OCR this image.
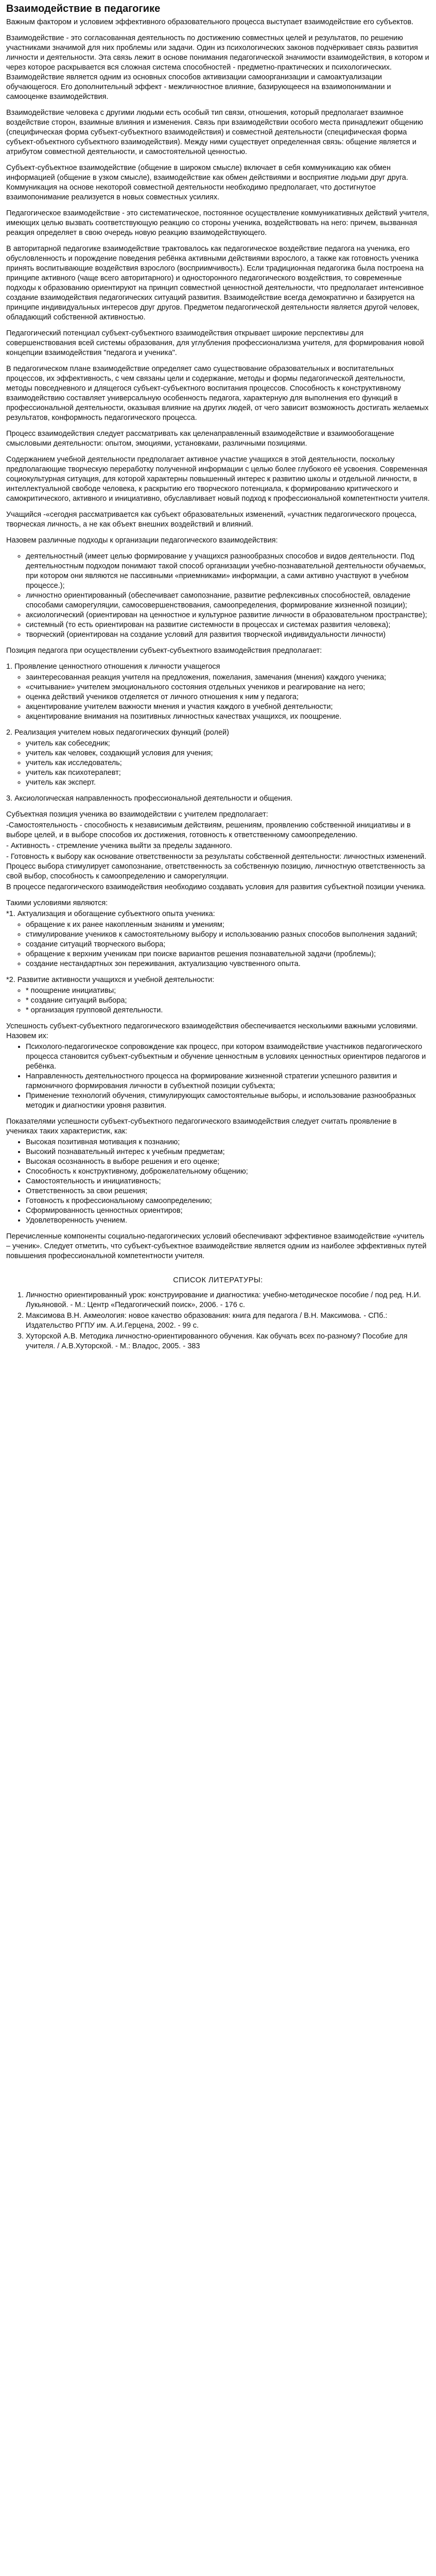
Взаимодействие в педагогике

Важным фактором и условием эффективного образовательного процесса выступает взаимодействие его субъектов.

Взаимодействие - это согласованная деятельность по достижению совместных целей и результатов, по решению участниками значимой для них проблемы или задачи. Один из психологических законов подчёркивает связь развития личности и деятельности. Эта связь лежит в основе понимания педагогической значимости взаимодействия, в котором и через которое раскрывается вся сложная система способностей - предметно-практических и психологических. Взаимодействие является одним из основных способов активизации самоорганизации и самоактуализации обучающегося. Его дополнительный эффект - межличностное влияние, базирующееся на взаимопонимании и самооценке взаимодействия.

Взаимодействие человека с другими людьми есть особый тип связи, отношения, который предполагает взаимное воздействие сторон, взаимные влияния и изменения. Связь при взаимодействии особого места принадлежит общению (специфическая форма субъект-субъектного взаимодействия) и совместной деятельности (специфическая форма субъект-объектного субъектного взаимодействия). Между ними существует определенная связь: общение является и атрибутом совместной деятельности, и самостоятельной ценностью.

Субъект-субъектное взаимодействие (общение в широком смысле) включает в себя коммуникацию как обмен информацией (общение в узком смысле), взаимодействие как обмен действиями и восприятие людьми друг друга. Коммуникация на основе некоторой совместной деятельности необходимо предполагает, что достигнутое взаимопонимание реализуется в новых совместных усилиях.

Педагогическое взаимодействие - это систематическое, постоянное осуществление коммуникативных действий учителя, имеющих целью вызвать соответствующую реакцию со стороны ученика, воздействовать на него: причем, вызванная реакция определяет в свою очередь новую реакцию взаимодействующего.

В авторитарной педагогике взаимодействие трактовалось как педагогическое воздействие педагога на ученика, его обусловленность и порождение поведения ребёнка активными действиями взрослого, а также как готовность ученика принять воспитывающие воздействия взрослого (восприимчивость). Если традиционная педагогика была построена на принципе активного (чаще всего авторитарного) и односторонного педагогического воздействия, то современные подходы к образованию ориентируют на принцип совместной ценностной деятельности, что предполагает интенсивное создание взаимодействия педагогических ситуаций развития. Взаимодействие всегда демократично и базируется на принципе индивидуальных интересов друг другов. Предметом педагогической деятельности является другой человек, обладающий собственной активностью.

Педагогический потенциал субъект-субъектного взаимодействия открывает широкие перспективы для совершенствования всей системы образования, для углубления профессионализма учителя, для формирования новой концепции взаимодействия "педагога и ученика".

В педагогическом плане взаимодействие определяет само существование образовательных и воспитательных процессов, их эффективность, с чем связаны цели и содержание, методы и формы педагогической деятельности, методы повседневного и длящегося субъект-субъектного воспитания процессов. Способность к конструктивному взаимодействию составляет универсальную особенность педагога, характерную для выполнения его функций в профессиональной деятельности, оказывая влияние на других людей, от чего зависит возможность достигать желаемых результатов, конформность педагогического процесса.

Процесс взаимодействия следует рассматривать как целенаправленный взаимодействие и взаимообогащение смысловыми деятельности: опытом, эмоциями, установками, различными позициями.

Содержанием учебной деятельности предполагает активное участие учащихся в этой деятельности, поскольку предполагающие творческую переработку полученной информации с целью более глубокого её усвоения. Современная социокультурная ситуация, для которой характерны повышенный интерес к развитию школы и отдельной личности, в интеллектуальной свободе человека, к раскрытию его творческого потенциала, к формированию критического и самокритического, активного и инициативно, обуславливает новый подход к профессиональной компетентности учителя.

Учащийся -«сегодня рассматривается как субъект образовательных изменений, «участник педагогического процесса, творческая личность, а не как объект внешних воздействий и влияний.

Назовем различные подходы к организации педагогического взаимодействия:

◦ деятельностный (имеет целью формирование у учащихся разнообразных способов и видов деятельности. Под деятельностным подходом понимают такой способ организации учебно-познавательной деятельности обучаемых, при котором они являются не пассивными «приемниками» информации, а сами активно участвуют в учебном процессе.);
◦ личностно ориентированный (обеспечивает самопознание, развитие рефлексивных способностей, овладение способами саморегуляции, самосовершенствования, самоопределения, формирование жизненной позиции);
◦ аксиологический (ориентирован на ценностное и культурное развитие личности в образовательном пространстве);
◦ системный (то есть ориентирован на развитие системности в процессах и системах развития человека);
◦ творческий (ориентирован на создание условий для развития творческой индивидуальности личности)

Позиция педагога при осуществлении субъект-субъектного взаимодействия предполагает:

1. Проявление ценностного отношения к личности учащегося

◦ заинтересованная реакция учителя на предложения, пожелания, замечания (мнения) каждого ученика;
◦ «считывание» учителем эмоционального состояния отдельных учеников и реагирование на него;
◦ оценка действий учеников отделяется от личного отношения к ним у педагога;
◦ акцентирование учителем важности мнения и участия каждого в учебной деятельности;
◦ акцентирование внимания на позитивных личностных качествах учащихся, их поощрение.

2. Реализация учителем новых педагогических функций (ролей)

◦ учитель как собеседник;
◦ учитель как человек, создающий условия для учения;
◦ учитель как исследователь;
◦ учитель как психотерапевт;
◦ учитель как эксперт.

3. Аксиологическая направленность профессиональной деятельности и общения.

Субъектная позиция ученика во взаимодействии с учителем предполагает:

-Самостоятельность - способность к независимым действиям, решениям, проявлению собственной инициативы и в выборе целей, и в выборе способов их достижения, готовность к ответственному самоопределению.

- Активность - стремление ученика выйти за пределы заданного.

- Готовность к выбору как основание ответственности за результаты собственной деятельности: личностных изменений. Процесс выбора стимулирует самопознание, ответственность за собственную позицию, личностную ответственность за свой выбор, способность к самоопределению и саморегуляции.

В процессе педагогического взаимодействия необходимо создавать условия для развития субъектной позиции ученика.

Такими условиями являются:

*1. Актуализация и обогащение субъектного опыта ученика:

◦ обращение к их ранее накопленным знаниям и умениям;
◦ стимулирование учеников к самостоятельному выбору и использованию разных способов выполнения заданий;
◦ создание ситуаций творческого выбора;
◦ обращение к верхним ученикам при поиске вариантов решения познавательной задачи (проблемы);
◦ создание нестандартных зон переживания, актуализацию чувственного опыта.

*2. Развитие активности учащихся и учебной деятельности:

◦ * поощрение инициативы;
◦ * создание ситуаций выбора;
◦ * организация групповой деятельности.

Успешность субъект-субъектного педагогического взаимодействия обеспечивается несколькими важными условиями. Назовем их:

• Психолого-педагогическое сопровождение как процесс, при котором взаимодействие участников педагогического процесса становится субъект-субъектным и обучение ценностным в условиях ценностных ориентиров педагогов и ребёнка.
• Направленность деятельностного процесса на формирование жизненной стратегии успешного развития и гармоничного формирования личности в субъектной позиции субъекта;
• Применение технологий обучения, стимулирующих самостоятельные выборы, и использование разнообразных методик и диагностики уровня развития.

Показателями успешности субъект-субъектного педагогического взаимодействия следует считать проявление в учениках таких характеристик, как:

• Высокая позитивная мотивация к познанию;
• Высокий познавательный интерес к учебным предметам;
• Высокая осознанность в выборе решения и его оценке;
• Способность к конструктивному, доброжелательному общению;
• Самостоятельность и инициативность;
• Ответственность за свои решения;
• Готовность к профессиональному самоопределению;
• Сформированность ценностных ориентиров;
• Удовлетворенность учением.

Перечисленные компоненты социально-педагогических условий обеспечивают эффективное взаимодействие «учитель – ученик». Следует отметить, что субъект-субъектное взаимодействие является одним из наиболее эффективных путей повышения профессиональной компетентности учителя.

СПИСОК ЛИТЕРАТУРЫ:
1. Личностно ориентированный урок: конструирование и диагностика: учебно-методическое пособие / под ред. Н.И. Лукьяновой. - М.: Центр «Педагогический поиск», 2006. - 176 с.
2. Максимова В.Н. Акмеология: новое качество образования: книга для педагога / В.Н. Максимова. - СПб.: Издательство РГПУ им. А.И.Герцена, 2002. - 99 с.
3. Хуторской А.В. Методика личностно-ориентированного обучения. Как обучать всех по-разному? Пособие для учителя. / А.В.Хуторской. - М.: Владос, 2005. - 383
